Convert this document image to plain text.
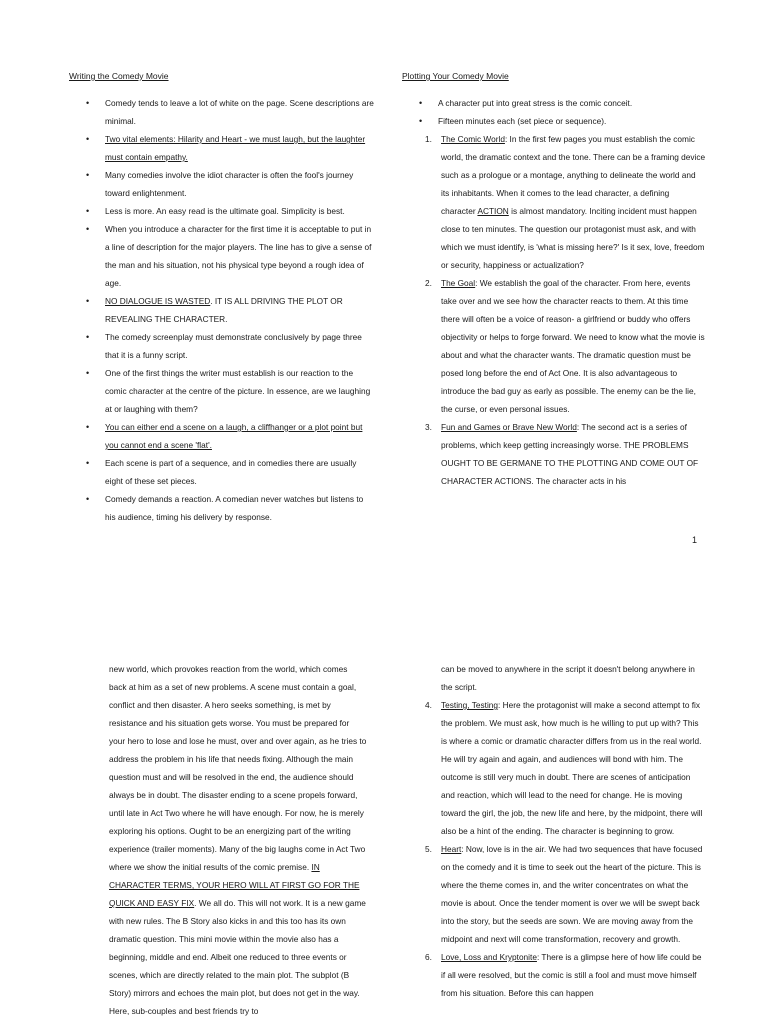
Writing the Comedy Movie
• Comedy tends to leave a lot of white on the page. Scene descriptions are minimal.
• Two vital elements: Hilarity and Heart - we must laugh, but the laughter must contain empathy.
• Many comedies involve the idiot character is often the fool's journey toward enlightenment.
• Less is more. An easy read is the ultimate goal. Simplicity is best.
• When you introduce a character for the first time it is acceptable to put in a line of description for the major players. The line has to give a sense of the man and his situation, not his physical type beyond a rough idea of age.
• NO DIALOGUE IS WASTED. IT IS ALL DRIVING THE PLOT OR REVEALING THE CHARACTER.
• The comedy screenplay must demonstrate conclusively by page three that it is a funny script.
• One of the first things the writer must establish is our reaction to the comic character at the centre of the picture. In essence, are we laughing at or laughing with them?
• You can either end a scene on a laugh, a cliffhanger or a plot point but you cannot end a scene 'flat'.
• Each scene is part of a sequence, and in comedies there are usually eight of these set pieces.
• Comedy demands a reaction. A comedian never watches but listens to his audience, timing his delivery by response.
Plotting Your Comedy Movie
• A character put into great stress is the comic conceit.
• Fifteen minutes each (set piece or sequence).
1. The Comic World: In the first few pages you must establish the comic world, the dramatic context and the tone. There can be a framing device such as a prologue or a montage, anything to delineate the world and its inhabitants. When it comes to the lead character, a defining character ACTION is almost mandatory. Inciting incident must happen close to ten minutes. The question our protagonist must ask, and with which we must identify, is 'what is missing here?' Is it sex, love, freedom or security, happiness or actualization?
2. The Goal: We establish the goal of the character. From here, events take over and we see how the character reacts to them. At this time there will often be a voice of reason- a girlfriend or buddy who offers objectivity or helps to forge forward. We need to know what the movie is about and what the character wants. The dramatic question must be posed long before the end of Act One. It is also advantageous to introduce the bad guy as early as possible. The enemy can be the lie, the curse, or even personal issues.
3. Fun and Games or Brave New World: The second act is a series of problems, which keep getting increasingly worse. THE PROBLEMS OUGHT TO BE GERMANE TO THE PLOTTING AND COME OUT OF CHARACTER ACTIONS. The character acts in his
1

new world, which provokes reaction from the world, which comes back at him as a set of new problems. A scene must contain a goal, conflict and then disaster. A hero seeks something, is met by resistance and his situation gets worse. You must be prepared for your hero to lose and lose he must, over and over again, as he tries to address the problem in his life that needs fixing. Although the main question must and will be resolved in the end, the audience should always be in doubt. The disaster ending to a scene propels forward, until late in Act Two where he will have enough. For now, he is merely exploring his options. Ought to be an energizing part of the writing experience (trailer moments). Many of the big laughs come in Act Two where we show the initial results of the comic premise. IN CHARACTER TERMS, YOUR HERO WILL AT FIRST GO FOR THE QUICK AND EASY FIX. We all do. This will not work. It is a new game with new rules. The B Story also kicks in and this too has its own dramatic question. This mini movie within the movie also has a beginning, middle and end. Albeit one reduced to three events or scenes, which are directly related to the main plot. The subplot (B Story) mirrors and echoes the main plot, but does not get in the way. Here, sub-couples and best friends try to

can be moved to anywhere in the script it doesn't belong anywhere in the script.

4. Testing, Testing: Here the protagonist will make a second attempt to fix the problem. We must ask, how much is he willing to put up with? This is where a comic or dramatic character differs from us in the real world. He will try again and again, and audiences will bond with him. The outcome is still very much in doubt. There are scenes of anticipation and reaction, which will lead to the need for change. He is moving toward the girl, the job, the new life and here, by the midpoint, there will also be a hint of the ending. The character is beginning to grow.
5. Heart: Now, love is in the air. We had two sequences that have focused on the comedy and it is time to seek out the heart of the picture. This is where the theme comes in, and the writer concentrates on what the movie is about. Once the tender moment is over we will be swept back into the story, but the seeds are sown. We are moving away from the midpoint and next will come transformation, recovery and growth.
6. Love, Loss and Kryptonite: There is a glimpse here of how life could be if all were resolved, but the comic is still a fool and must move himself from his situation. Before this can happen
